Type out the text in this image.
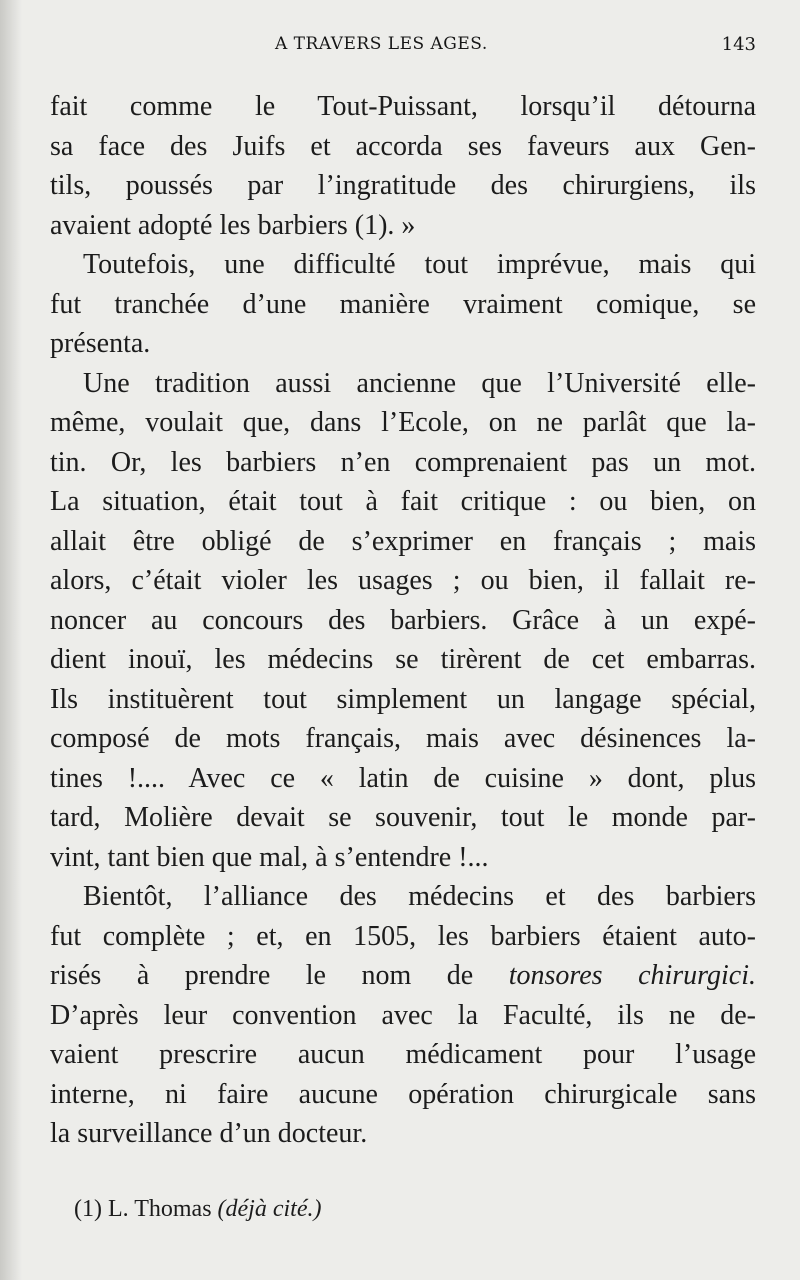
A TRAVERS LES AGES.	143
fait comme le Tout-Puissant, lorsqu’il détourna
sa face des Juifs et accorda ses faveurs aux Gen-
tils, poussés par l’ingratitude des chirurgiens, ils
avaient adopté les barbiers (1). »
Toutefois, une difficulté tout imprévue, mais qui
fut tranchée d’une manière vraiment comique, se
présenta.
Une tradition aussi ancienne que l’Université elle-
même, voulait que, dans l’Ecole, on ne parlât que la-
tin. Or, les barbiers n’en comprenaient pas un mot.
La situation, était tout à fait critique : ou bien, on
allait être obligé de s’exprimer en français ; mais
alors, c’était violer les usages ; ou bien, il fallait re-
noncer au concours des barbiers. Grâce à un expé-
dient inouï, les médecins se tirèrent de cet embarras.
Ils instituèrent tout simplement un langage spécial,
composé de mots français, mais avec désinences la-
tines !.... Avec ce « latin de cuisine » dont, plus
tard, Molière devait se souvenir, tout le monde par-
vint, tant bien que mal, à s’entendre !...
Bientôt, l’alliance des médecins et des barbiers
fut complète ; et, en 1505, les barbiers étaient auto-
risés à prendre le nom de tonsores chirurgici.
D’après leur convention avec la Faculté, ils ne de-
vaient prescrire aucun médicament pour l’usage
interne, ni faire aucune opération chirurgicale sans
la surveillance d’un docteur.
(1) L. Thomas (déjà cité.)
